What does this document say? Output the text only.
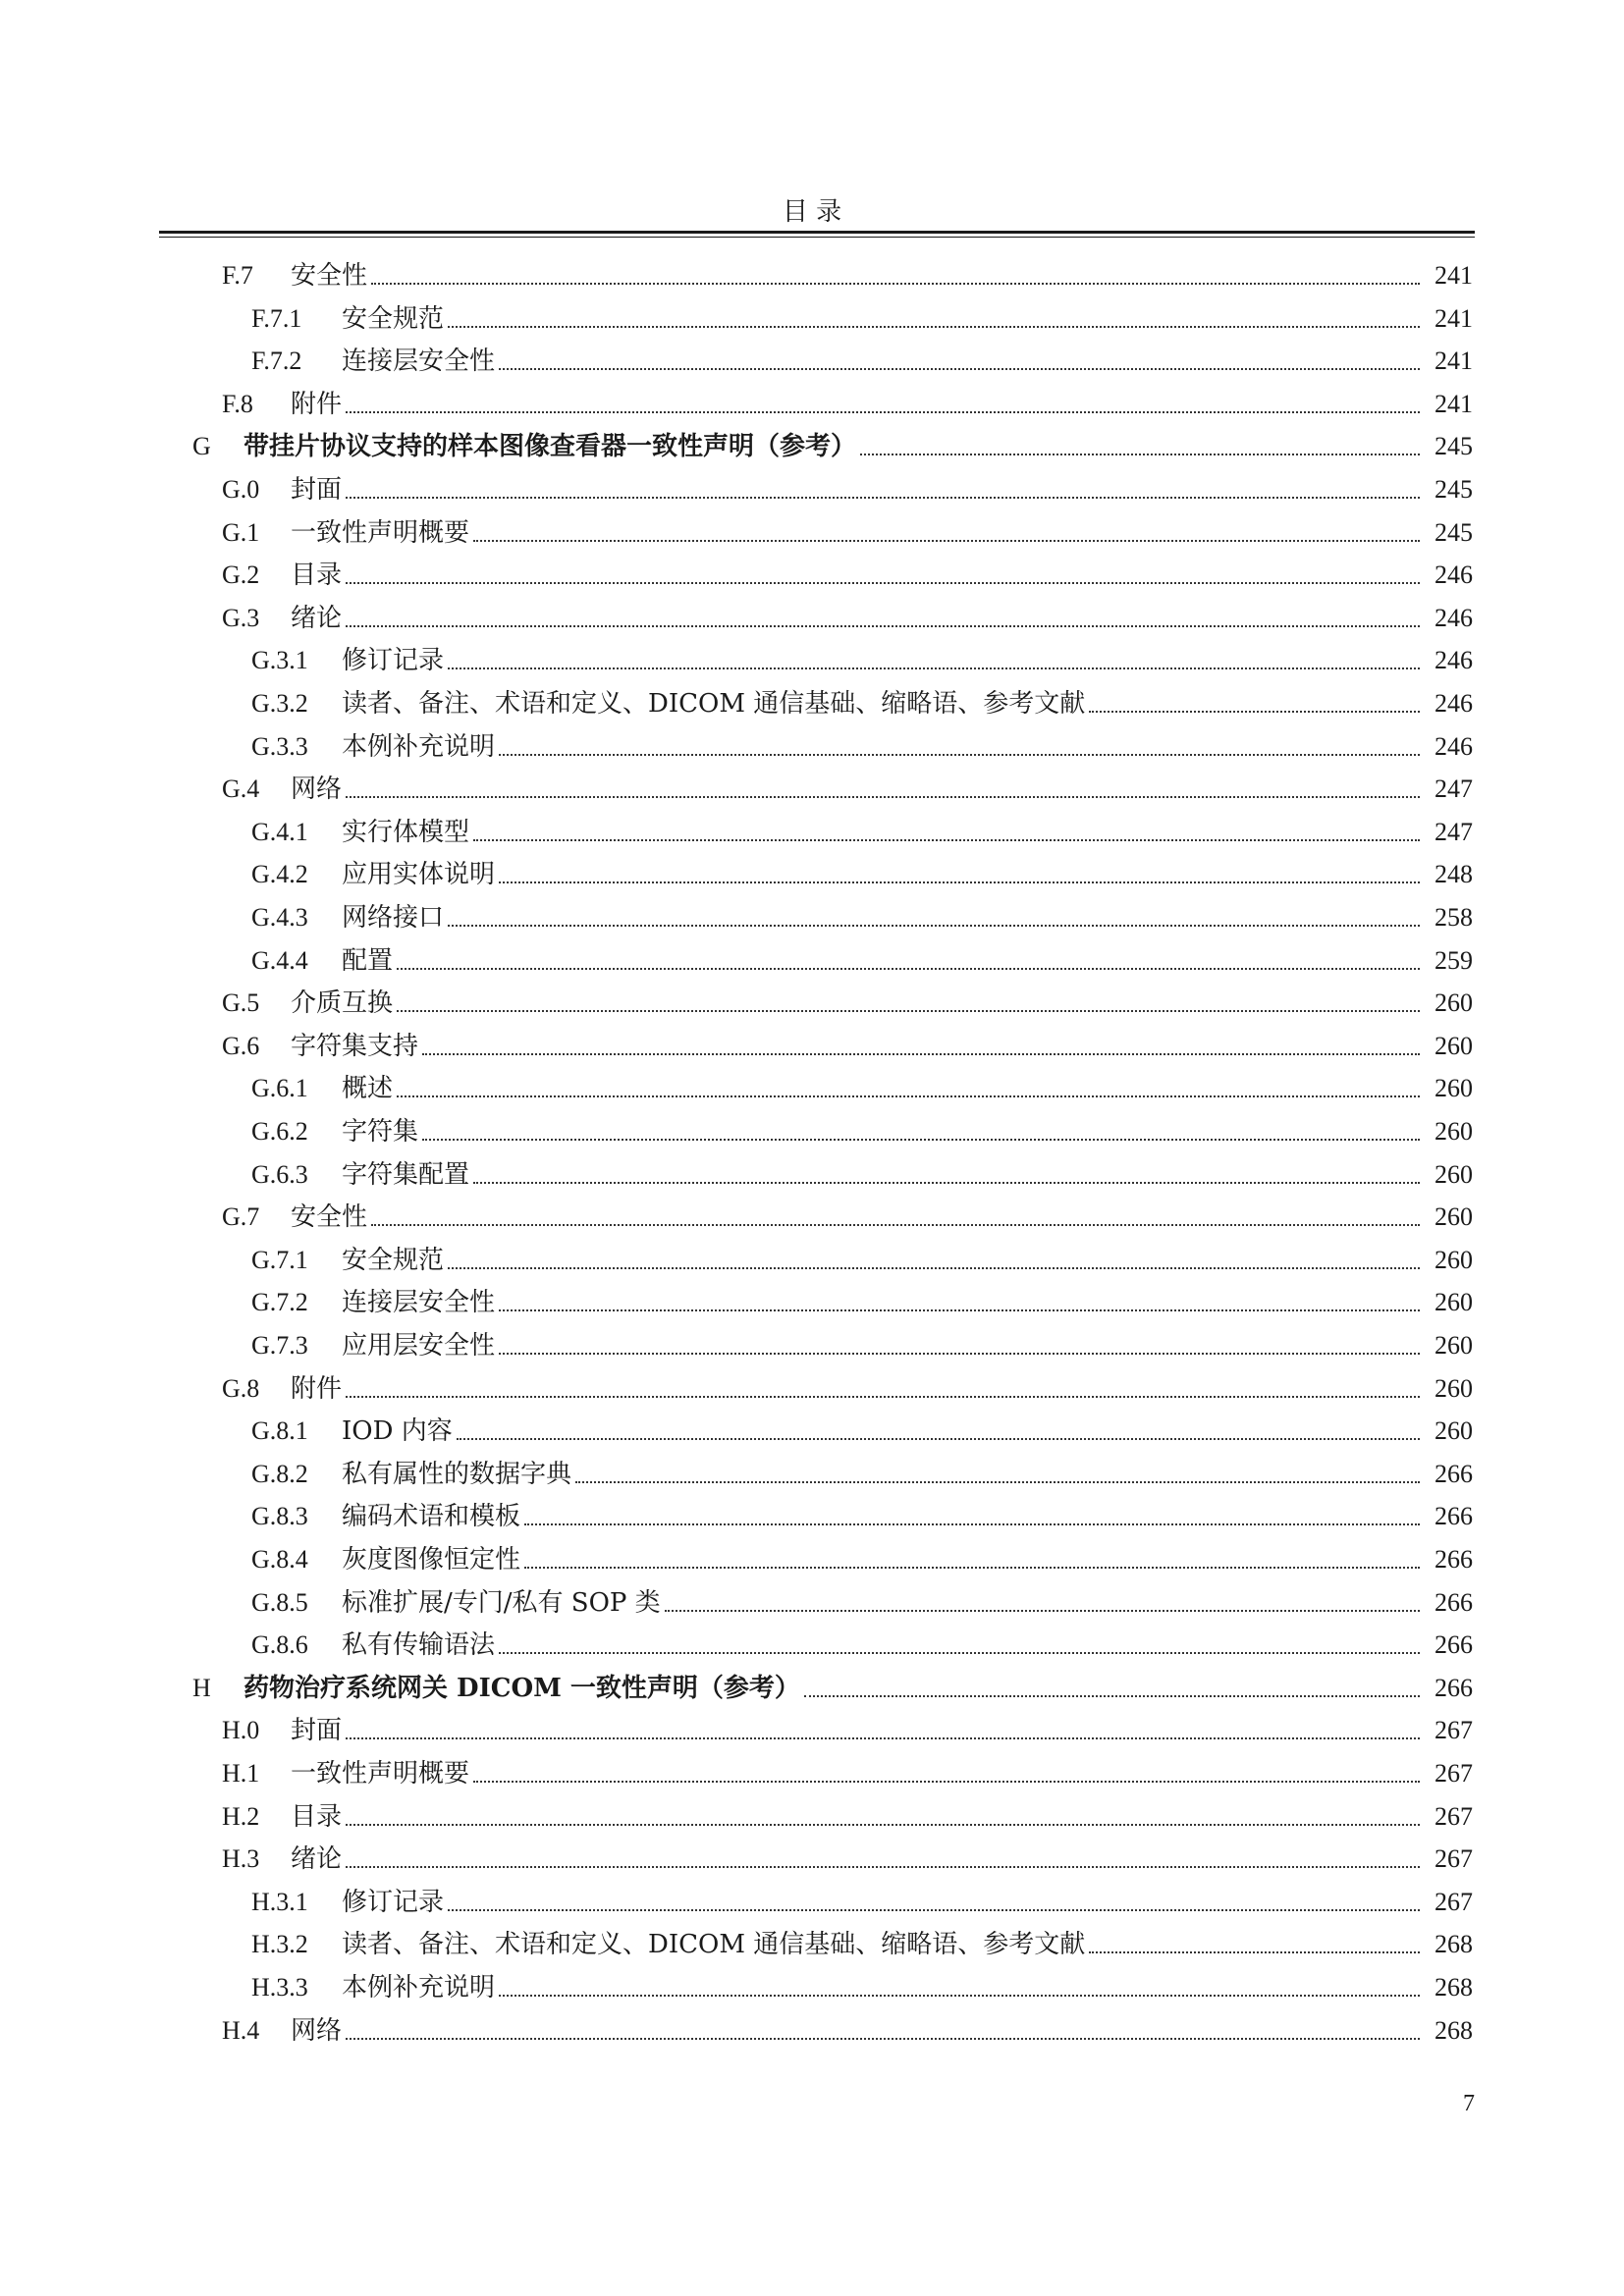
目 录
F.7	安全性	241
F.7.1	安全规范	241
F.7.2	连接层安全性	241
F.8	附件	241
G	带挂片协议支持的样本图像查看器一致性声明（参考）	245
G.0	封面	245
G.1	一致性声明概要	245
G.2	目录	246
G.3	绪论	246
G.3.1	修订记录	246
G.3.2	读者、备注、术语和定义、DICOM 通信基础、缩略语、参考文献	246
G.3.3	本例补充说明	246
G.4	网络	247
G.4.1	实行体模型	247
G.4.2	应用实体说明	248
G.4.3	网络接口	258
G.4.4	配置	259
G.5	介质互换	260
G.6	字符集支持	260
G.6.1	概述	260
G.6.2	字符集	260
G.6.3	字符集配置	260
G.7	安全性	260
G.7.1	安全规范	260
G.7.2	连接层安全性	260
G.7.3	应用层安全性	260
G.8	附件	260
G.8.1	IOD 内容	260
G.8.2	私有属性的数据字典	266
G.8.3	编码术语和模板	266
G.8.4	灰度图像恒定性	266
G.8.5	标准扩展/专门/私有 SOP 类	266
G.8.6	私有传输语法	266
H	药物治疗系统网关 DICOM 一致性声明（参考）	266
H.0	封面	267
H.1	一致性声明概要	267
H.2	目录	267
H.3	绪论	267
H.3.1	修订记录	267
H.3.2	读者、备注、术语和定义、DICOM 通信基础、缩略语、参考文献	268
H.3.3	本例补充说明	268
H.4	网络	268
7
